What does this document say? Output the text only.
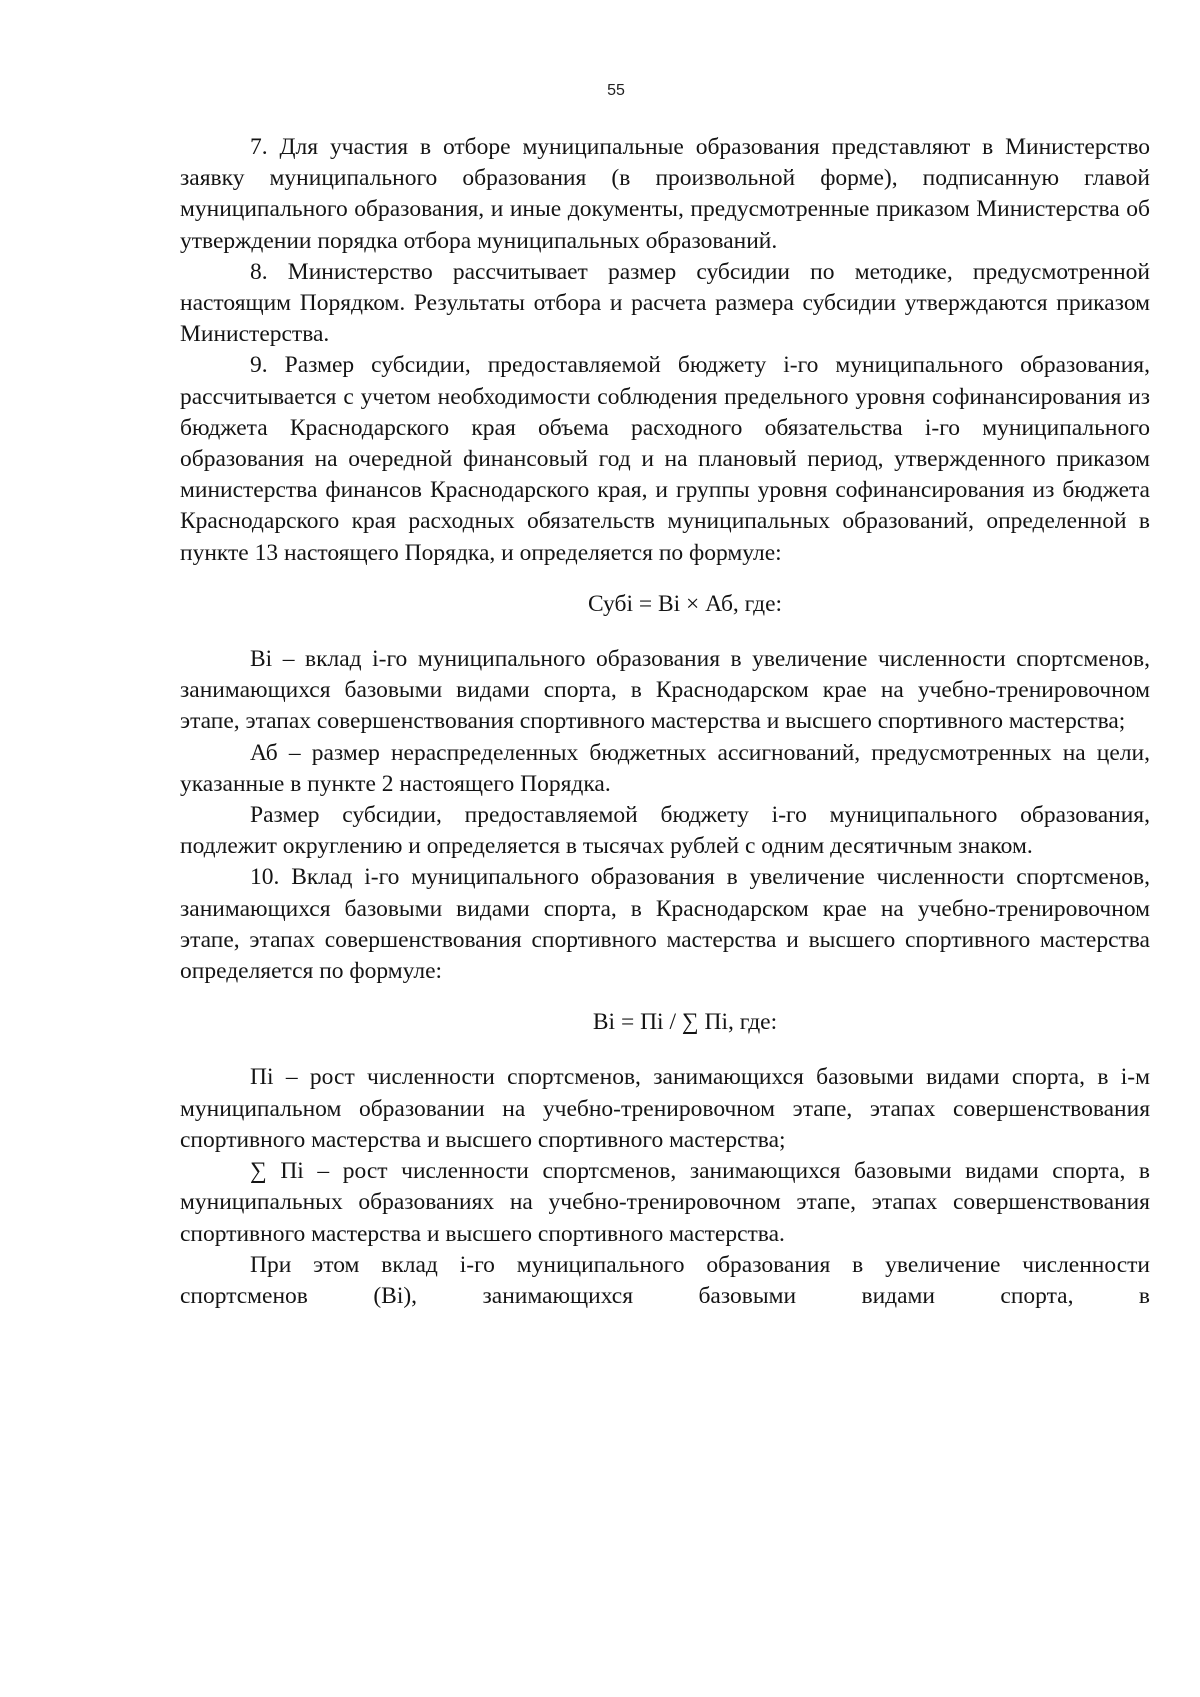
55

7. Для участия в отборе муниципальные образования представляют в Министерство заявку муниципального образования (в произвольной форме), подписанную главой муниципального образования, и иные документы, предусмотренные приказом Министерства об утверждении порядка отбора муниципальных образований.

8. Министерство рассчитывает размер субсидии по методике, предусмотренной настоящим Порядком. Результаты отбора и расчета размера субсидии утверждаются приказом Министерства.

9. Размер субсидии, предоставляемой бюджету i-го муниципального образования, рассчитывается с учетом необходимости соблюдения предельного уровня софинансирования из бюджета Краснодарского края объема расходного обязательства i-го муниципального образования на очередной финансовый год и на плановый период, утвержденного приказом министерства финансов Краснодарского края, и группы уровня софинансирования из бюджета Краснодарского края расходных обязательств муниципальных образований, определенной в пункте 13 настоящего Порядка, и определяется по формуле:

Субi = Вi × Аб, где:

Вi – вклад i-го муниципального образования в увеличение численности спортсменов, занимающихся базовыми видами спорта, в Краснодарском крае на учебно-тренировочном этапе, этапах совершенствования спортивного мастерства и высшего спортивного мастерства;

Аб – размер нераспределенных бюджетных ассигнований, предусмотренных на цели, указанные в пункте 2 настоящего Порядка.

Размер субсидии, предоставляемой бюджету i-го муниципального образования, подлежит округлению и определяется в тысячах рублей с одним десятичным знаком.

10. Вклад i-го муниципального образования в увеличение численности спортсменов, занимающихся базовыми видами спорта, в Краснодарском крае на учебно-тренировочном этапе, этапах совершенствования спортивного мастерства и высшего спортивного мастерства определяется по формуле:

Вi = Пi / ∑ Пi, где:

Пi – рост численности спортсменов, занимающихся базовыми видами спорта, в i-м муниципальном образовании на учебно-тренировочном этапе, этапах совершенствования спортивного мастерства и высшего спортивного мастерства;

∑ Пi – рост численности спортсменов, занимающихся базовыми видами спорта, в муниципальных образованиях на учебно-тренировочном этапе, этапах совершенствования спортивного мастерства и высшего спортивного мастерства.

При этом вклад i-го муниципального образования в увеличение численности спортсменов (Вi), занимающихся базовыми видами спорта, в
